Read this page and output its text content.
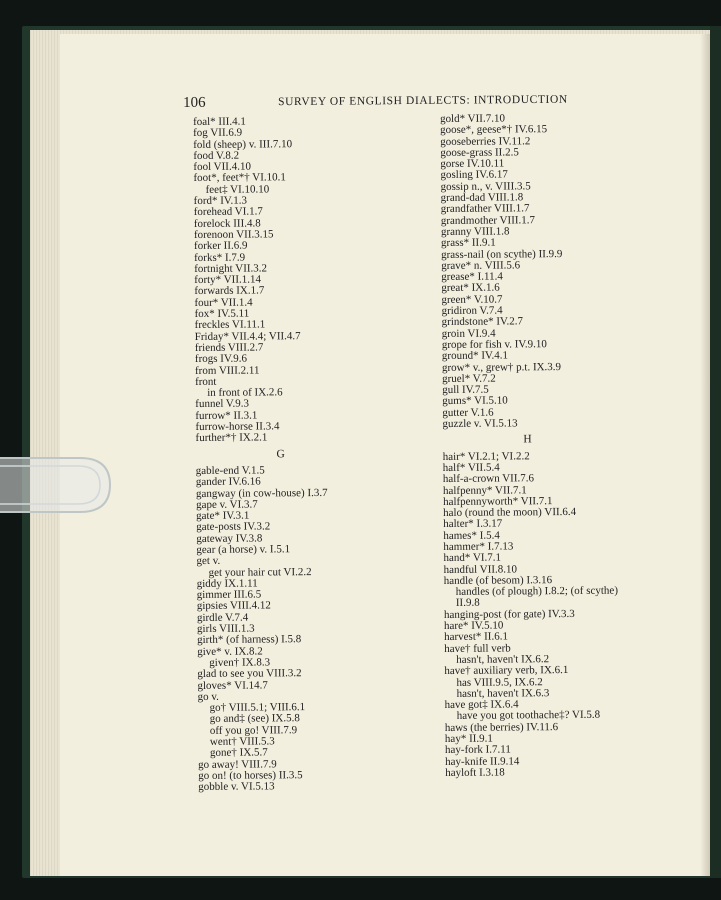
106	SURVEY OF ENGLISH DIALECTS: INTRODUCTION
foal* III.4.1
fog VII.6.9
fold (sheep) v. III.7.10
food V.8.2
fool VII.4.10
foot*, feet*† VI.10.1
feet‡ VI.10.10
ford* IV.1.3
forehead VI.1.7
forelock III.4.8
forenoon VII.3.15
forker II.6.9
forks* I.7.9
fortnight VII.3.2
forty* VII.1.14
forwards IX.1.7
four* VII.1.4
fox* IV.5.11
freckles VI.11.1
Friday* VII.4.4; VII.4.7
friends VIII.2.7
frogs IV.9.6
from VIII.2.11
front
in front of IX.2.6
funnel V.9.3
furrow* II.3.1
furrow-horse II.3.4
further*† IX.2.1
G
gable-end V.1.5
gander IV.6.16
gangway (in cow-house) I.3.7
gape v. VI.3.7
gate* IV.3.1
gate-posts IV.3.2
gateway IV.3.8
gear (a horse) v. I.5.1
get v.
get your hair cut VI.2.2
giddy IX.1.11
gimmer III.6.5
gipsies VIII.4.12
girdle V.7.4
girls VIII.1.3
girth* (of harness) I.5.8
give* v. IX.8.2
given† IX.8.3
glad to see you VIII.3.2
gloves* VI.14.7
go v.
go† VIII.5.1; VIII.6.1
go and‡ (see) IX.5.8
off you go! VIII.7.9
went† VIII.5.3
gone† IX.5.7
go away! VIII.7.9
go on! (to horses) II.3.5
gobble v. VI.5.13
gold* VII.7.10
goose*, geese*† IV.6.15
gooseberries IV.11.2
goose-grass II.2.5
gorse IV.10.11
gosling IV.6.17
gossip n., v. VIII.3.5
grand-dad VIII.1.8
grandfather VIII.1.7
grandmother VIII.1.7
granny VIII.1.8
grass* II.9.1
grass-nail (on scythe) II.9.9
grave* n. VIII.5.6
grease* I.11.4
great* IX.1.6
green* V.10.7
gridiron V.7.4
grindstone* IV.2.7
groin VI.9.4
grope for fish v. IV.9.10
ground* IV.4.1
grow* v., grew† p.t. IX.3.9
gruel* V.7.2
gull IV.7.5
gums* VI.5.10
gutter V.1.6
guzzle v. VI.5.13
H
hair* VI.2.1; VI.2.2
half* VII.5.4
half-a-crown VII.7.6
halfpenny* VII.7.1
halfpennyworth* VII.7.1
halo (round the moon) VII.6.4
halter* I.3.17
hames* I.5.4
hammer* I.7.13
hand* VI.7.1
handful VII.8.10
handle (of besom) I.3.16
handles (of plough) I.8.2; (of scythe)
II.9.8
hanging-post (for gate) IV.3.3
hare* IV.5.10
harvest* II.6.1
have† full verb
hasn't, haven't IX.6.2
have† auxiliary verb, IX.6.1
has VIII.9.5, IX.6.2
hasn't, haven't IX.6.3
have got‡ IX.6.4
have you got toothache‡? VI.5.8
haws (the berries) IV.11.6
hay* II.9.1
hay-fork I.7.11
hay-knife II.9.14
hayloft I.3.18
